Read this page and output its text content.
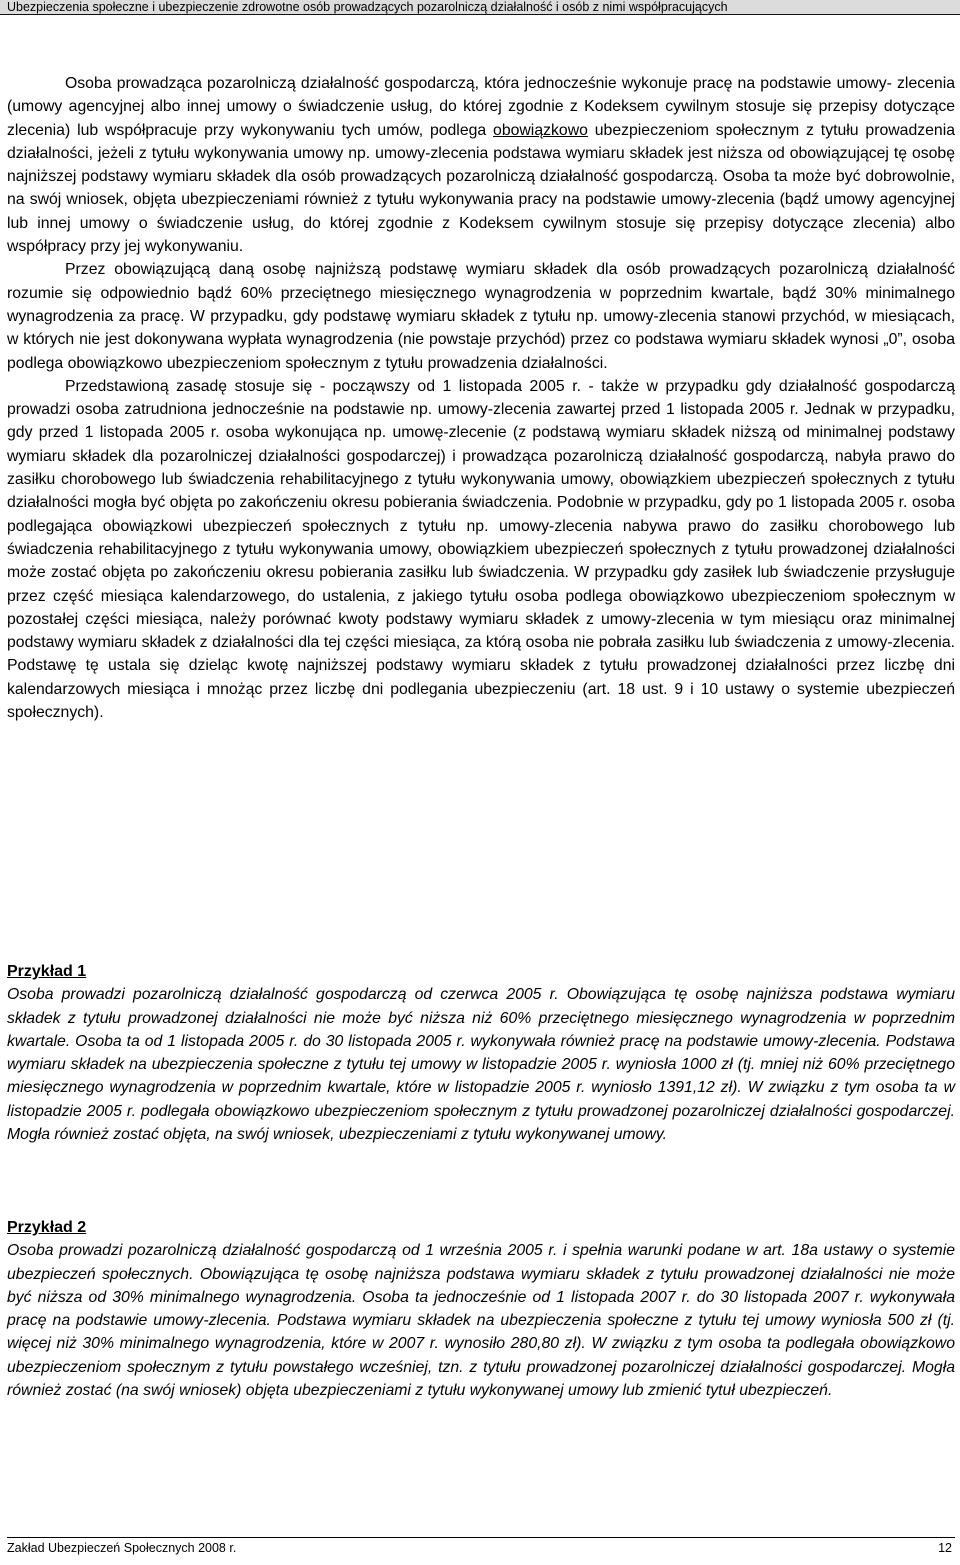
Ubezpieczenia społeczne i ubezpieczenie zdrowotne osób prowadzących pozarolniczą działalność i osób z nimi współpracujących

Osoba prowadząca pozarolniczą działalność gospodarczą, która jednocześnie wykonuje pracę na podstawie umowy- zlecenia (umowy agencyjnej albo innej umowy o świadczenie usług, do której zgodnie z Kodeksem cywilnym stosuje się przepisy dotyczące zlecenia) lub współpracuje przy wykonywaniu tych umów, podlega obowiązkowo ubezpieczeniom społecznym z tytułu prowadzenia działalności, jeżeli z tytułu wykonywania umowy np. umowy-zlecenia podstawa wymiaru składek jest niższa od obowiązującej tę osobę najniższej podstawy wymiaru składek dla osób prowadzących pozarolniczą działalność gospodarczą. Osoba ta może być dobrowolnie, na swój wniosek, objęta ubezpieczeniami również z tytułu wykonywania pracy na podstawie umowy-zlecenia (bądź umowy agencyjnej lub innej umowy o świadczenie usług, do której zgodnie z Kodeksem cywilnym stosuje się przepisy dotyczące zlecenia) albo współpracy przy jej wykonywaniu.

Przez obowiązującą daną osobę najniższą podstawę wymiaru składek dla osób prowadzących pozarolniczą działalność rozumie się odpowiednio bądź 60% przeciętnego miesięcznego wynagrodzenia w poprzednim kwartale, bądź 30% minimalnego wynagrodzenia za pracę. W przypadku, gdy podstawę wymiaru składek z tytułu np. umowy-zlecenia stanowi przychód, w miesiącach, w których nie jest dokonywana wypłata wynagrodzenia (nie powstaje przychód) przez co podstawa wymiaru składek wynosi „0”, osoba podlega obowiązkowo ubezpieczeniom społecznym z tytułu prowadzenia działalności.

Przedstawioną zasadę stosuje się - począwszy od 1 listopada 2005 r. - także w przypadku gdy działalność gospodarczą prowadzi osoba zatrudniona jednocześnie na podstawie np. umowy-zlecenia zawartej przed 1 listopada 2005 r. Jednak w przypadku, gdy przed 1 listopada 2005 r. osoba wykonująca np. umowę-zlecenie (z podstawą wymiaru składek niższą od minimalnej podstawy wymiaru składek dla pozarolniczej działalności gospodarczej) i prowadząca pozarolniczą działalność gospodarczą, nabyła prawo do zasiłku chorobowego lub świadczenia rehabilitacyjnego z tytułu wykonywania umowy, obowiązkiem ubezpieczeń społecznych z tytułu działalności mogła być objęta po zakończeniu okresu pobierania świadczenia. Podobnie w przypadku, gdy po 1 listopada 2005 r. osoba podlegająca obowiązkowi ubezpieczeń społecznych z tytułu np. umowy-zlecenia nabywa prawo do zasiłku chorobowego lub świadczenia rehabilitacyjnego z tytułu wykonywania umowy, obowiązkiem ubezpieczeń społecznych z tytułu prowadzonej działalności może zostać objęta po zakończeniu okresu pobierania zasiłku lub świadczenia. W przypadku gdy zasiłek lub świadczenie przysługuje przez część miesiąca kalendarzowego, do ustalenia, z jakiego tytułu osoba podlega obowiązkowo ubezpieczeniom społecznym w pozostałej części miesiąca, należy porównać kwoty podstawy wymiaru składek z umowy-zlecenia w tym miesiącu oraz minimalnej podstawy wymiaru składek z działalności dla tej części miesiąca, za którą osoba nie pobrała zasiłku lub świadczenia z umowy-zlecenia. Podstawę tę ustala się dzieląc kwotę najniższej podstawy wymiaru składek z tytułu prowadzonej działalności przez liczbę dni kalendarzowych miesiąca i mnożąc przez liczbę dni podlegania ubezpieczeniu (art. 18 ust. 9 i 10 ustawy o systemie ubezpieczeń społecznych).

Przykład 1
Osoba prowadzi pozarolniczą działalność gospodarczą od czerwca 2005 r. Obowiązująca tę osobę najniższa podstawa wymiaru składek z tytułu prowadzonej działalności nie może być niższa niż 60% przeciętnego miesięcznego wynagrodzenia w poprzednim kwartale. Osoba ta od 1 listopada 2005 r. do 30 listopada 2005 r. wykonywała również pracę na podstawie umowy-zlecenia. Podstawa wymiaru składek na ubezpieczenia społeczne z tytułu tej umowy w listopadzie 2005 r. wyniosła 1000 zł (tj. mniej niż 60% przeciętnego miesięcznego wynagrodzenia w poprzednim kwartale, które w listopadzie 2005 r. wyniosło 1391,12 zł). W związku z tym osoba ta w listopadzie 2005 r. podlegała obowiązkowo ubezpieczeniom społecznym z tytułu prowadzonej pozarolniczej działalności gospodarczej. Mogła również zostać objęta, na swój wniosek, ubezpieczeniami z tytułu wykonywanej umowy.
Przykład 2
Osoba prowadzi pozarolniczą działalność gospodarczą od 1 września 2005 r. i spełnia warunki podane w art. 18a ustawy o systemie ubezpieczeń społecznych. Obowiązująca tę osobę najniższa podstawa wymiaru składek z tytułu prowadzonej działalności nie może być niższa od 30% minimalnego wynagrodzenia. Osoba ta jednocześnie od 1 listopada 2007 r. do 30 listopada 2007 r. wykonywała pracę na podstawie umowy-zlecenia. Podstawa wymiaru składek na ubezpieczenia społeczne z tytułu tej umowy wyniosła 500 zł (tj. więcej niż 30% minimalnego wynagrodzenia, które w 2007 r. wynosiło 280,80 zł). W związku z tym osoba ta podlegała obowiązkowo ubezpieczeniom społecznym z tytułu powstałego wcześniej, tzn. z tytułu prowadzonej pozarolniczej działalności gospodarczej. Mogła również zostać (na swój wniosek) objęta ubezpieczeniami z tytułu wykonywanej umowy lub zmienić tytuł ubezpieczeń.
Zakład Ubezpieczeń Społecznych 2008 r.	12
